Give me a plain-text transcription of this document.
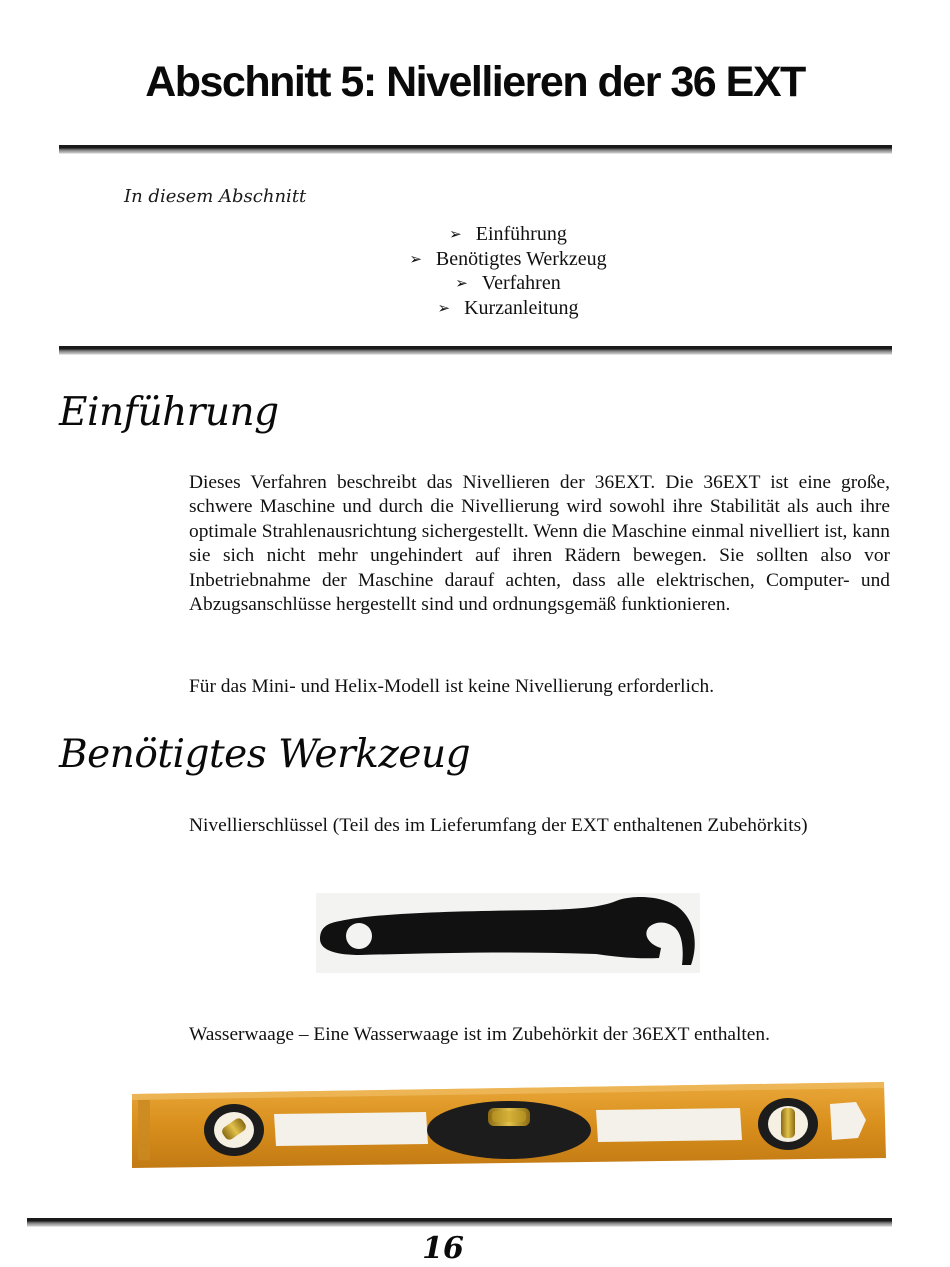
Abschnitt 5: Nivellieren der 36 EXT
In diesem Abschnitt
➢ Einführung
➢ Benötigtes Werkzeug
➢ Verfahren
➢ Kurzanleitung
Einführung

Dieses Verfahren beschreibt das Nivellieren der 36EXT. Die 36EXT ist eine große, schwere Maschine und durch die Nivellierung wird sowohl ihre Stabilität als auch ihre optimale Strahlenausrichtung sichergestellt. Wenn die Maschine einmal nivelliert ist, kann sie sich nicht mehr ungehindert auf ihren Rädern bewegen. Sie sollten also vor Inbetriebnahme der Maschine darauf achten, dass alle elektrischen, Computer- und Abzugsanschlüsse hergestellt sind und ordnungsgemäß funktionieren.

Für das Mini- und Helix-Modell ist keine Nivellierung erforderlich.
Benötigtes Werkzeug
Nivellierschlüssel (Teil des im Lieferumfang der EXT enthaltenen Zubehörkits)
Wasserwaage – Eine Wasserwaage ist im Zubehörkit der 36EXT enthalten.
16
